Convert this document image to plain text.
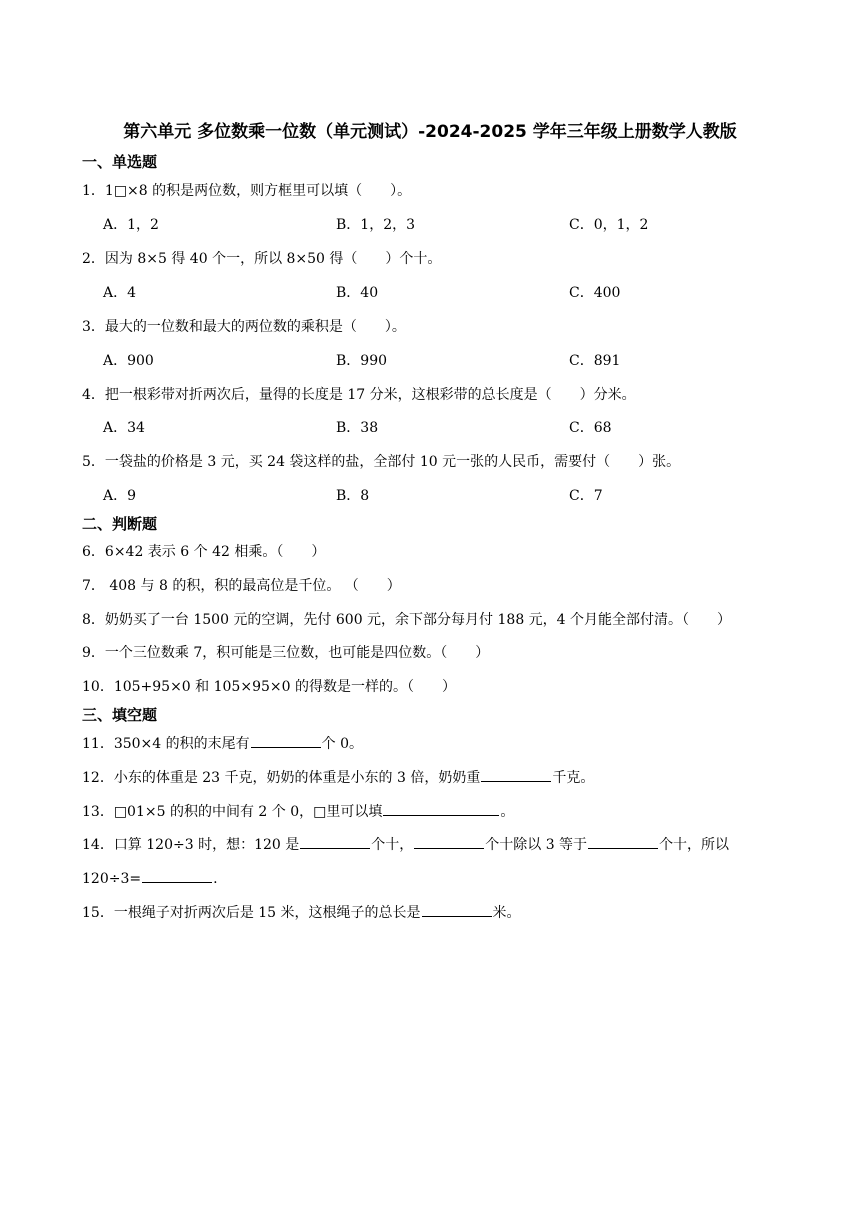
第六单元 多位数乘一位数（单元测试）-2024-2025 学年三年级上册数学人教版
一、单选题
1．1□×8 的积是两位数，则方框里可以填（　　）。
A．1，2	B．1，2，3	C．0，1，2
2．因为 8×5 得 40 个一，所以 8×50 得（　　）个十。
A．4	B．40	C．400
3．最大的一位数和最大的两位数的乘积是（　　）。
A．900	B．990	C．891
4．把一根彩带对折两次后，量得的长度是 17 分米，这根彩带的总长度是（　　）分米。
A．34	B．38	C．68
5．一袋盐的价格是 3 元，买 24 袋这样的盐，全部付 10 元一张的人民币，需要付（　　）张。
A．9	B．8	C．7
二、判断题
6．6×42 表示 6 个 42 相乘。（　　）
7． 408 与 8 的积，积的最高位是千位。 （　　）
8．奶奶买了一台 1500 元的空调，先付 600 元，余下部分每月付 188 元，4 个月能全部付清。（　　）
9．一个三位数乘 7，积可能是三位数，也可能是四位数。（　　）
10．105+95×0 和 105×95×0 的得数是一样的。（　　）
三、填空题
11．350×4 的积的末尾有	个 0。
12．小东的体重是 23 千克，奶奶的体重是小东的 3 倍，奶奶重	千克。
13．□01×5 的积的中间有 2 个 0，□里可以填	。
14．口算 120÷3 时，想：120 是	个十，	个十除以 3 等于	个十，所以
120÷3=	.
15．一根绳子对折两次后是 15 米，这根绳子的总长是	米。
